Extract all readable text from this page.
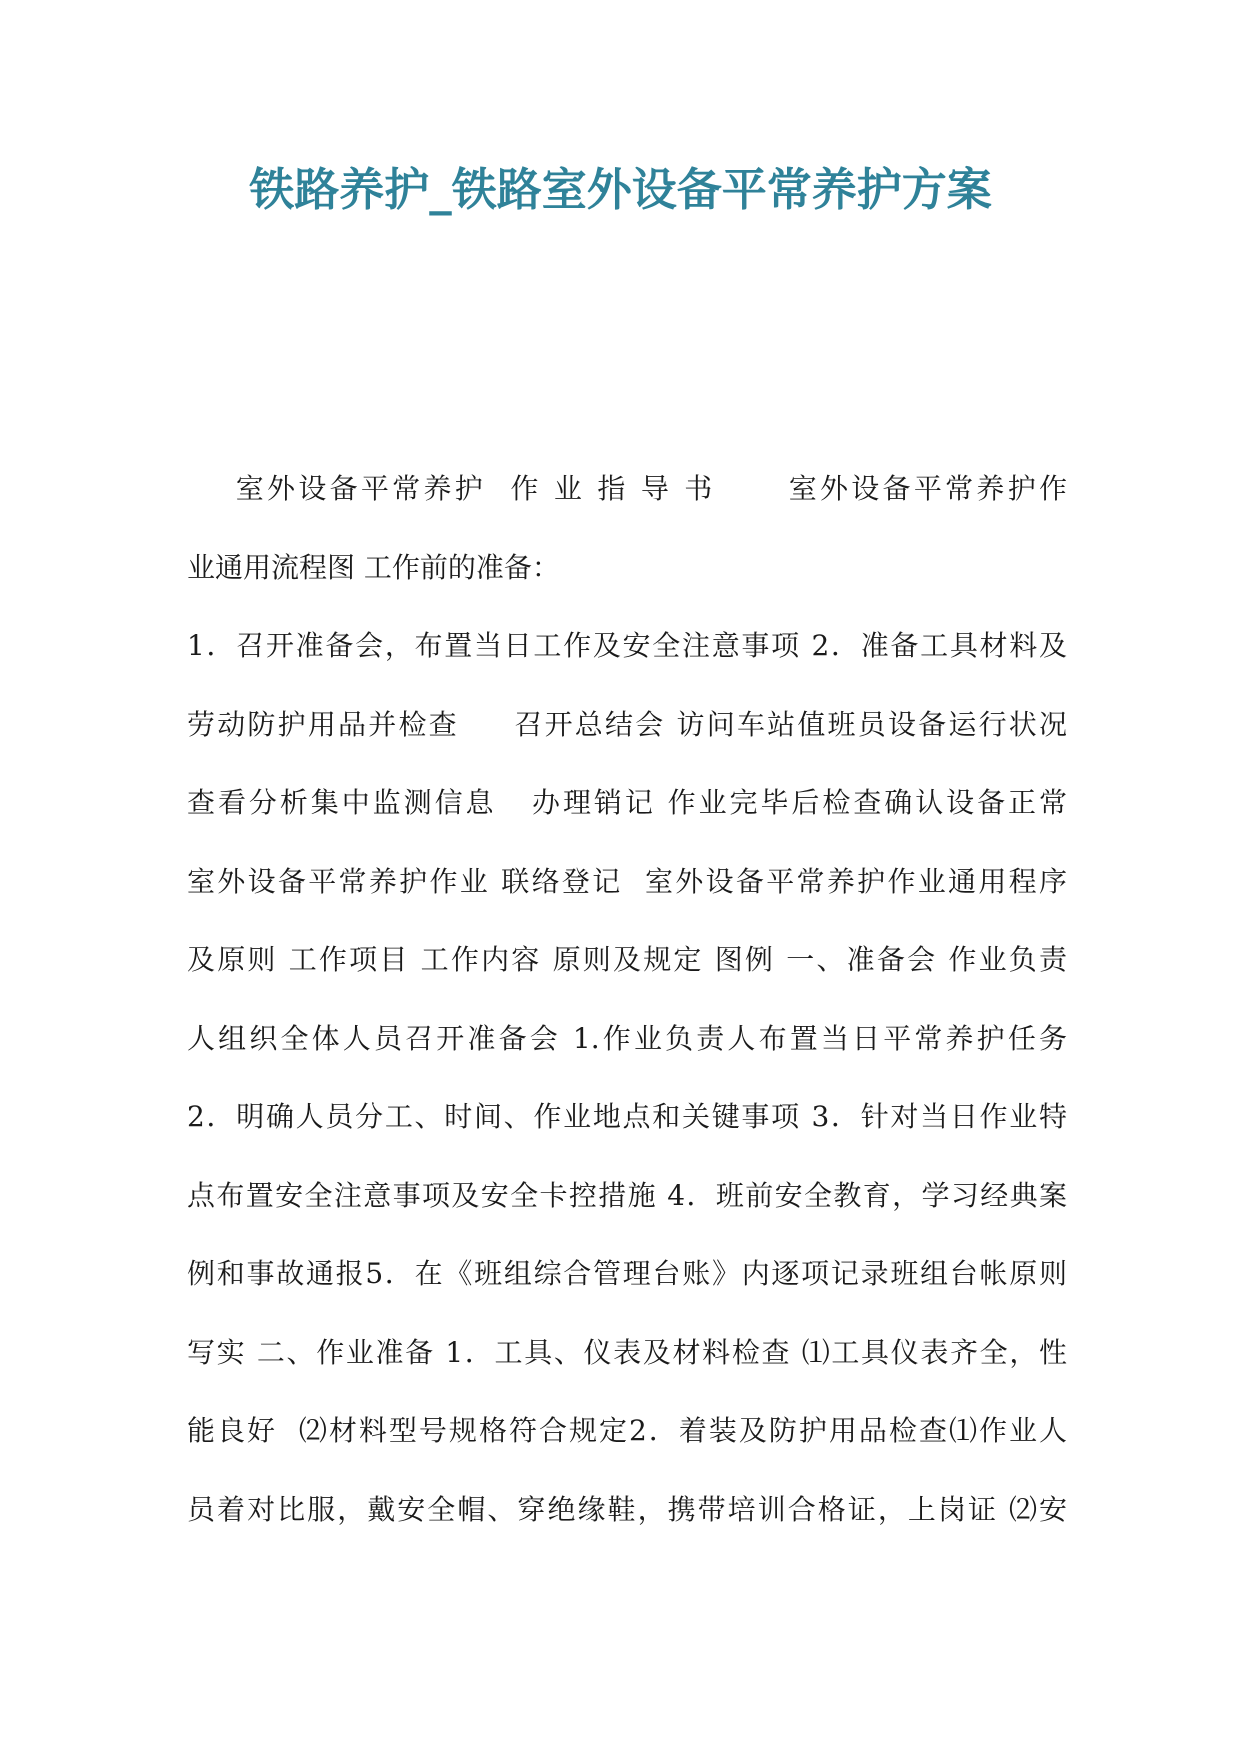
铁路养护_铁路室外设备平常养护方案
室外设备平常养护  作 业 指 导 书      室外设备平常养护作
业通用流程图 工作前的准备：
1．召开准备会，布置当日工作及安全注意事项 2．准备工具材料及
劳动防护用品并检查     召开总结会 访问车站值班员设备运行状况
查看分析集中监测信息   办理销记 作业完毕后检查确认设备正常
室外设备平常养护作业 联络登记  室外设备平常养护作业通用程序
及原则 工作项目 工作内容 原则及规定 图例 一、准备会 作业负责
人组织全体人员召开准备会 1.作业负责人布置当日平常养护任务
2．明确人员分工、时间、作业地点和关键事项 3．针对当日作业特
点布置安全注意事项及安全卡控措施 4．班前安全教育，学习经典案
例和事故通报5．在《班组综合管理台账》内逐项记录班组台帐原则
写实 二、作业准备 1．工具、仪表及材料检查 ⑴工具仪表齐全，性
能良好  ⑵材料型号规格符合规定2．着装及防护用品检查⑴作业人
员着对比服，戴安全帽、穿绝缘鞋，携带培训合格证，上岗证 ⑵安
